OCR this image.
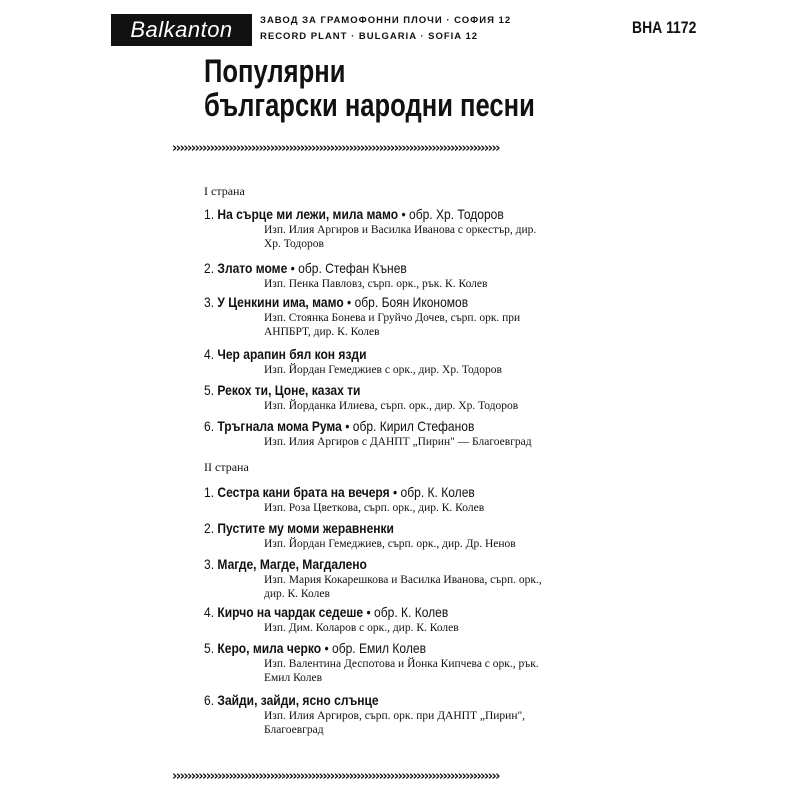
Balkanton	ЗАВОД ЗА ГРАМОФОННИ ПЛОЧИ · СОФИЯ 12
RECORD PLANT · BULGARIA · SOFIA 12	ВНА 1172
Популярни
български народни песни
›››››››››››››››››››››››››››››››››››››››››››››››››››››››››››››››››››››››››››››››››››››››
I страна
1. На сърце ми лежи, мила мамо • обр. Хр. Тодоров
Изп. Илия Аргиров и Василка Иванова с оркестър, дир.
Хр. Тодоров
2. Злато моме • обр. Стефан Кънев
Изп. Пенка Павловз, сърп. орк., рък. К. Колев
3. У Ценкини има, мамо • обр. Боян Икономов
Изп. Стоянка Бонева и Груйчо Дочев, сърп. орк. при
АНПБРТ, дир. К. Колев
4. Чер арапин бял кон язди
Изп. Йордан Гемеджиев с орк., дир. Хр. Тодоров
5. Рекох ти, Цоне, казах ти
Изп. Йорданка Илиева, сърп. орк., дир. Хр. Тодоров
6. Тръгнала мома Рума • обр. Кирил Стефанов
Изп. Илия Аргиров с ДАНПТ „Пирин" — Благоевград
II страна
1. Сестра кани брата на вечеря • обр. К. Колев
Изп. Роза Цветкова, сърп. орк., дир. К. Колев
2. Пустите му моми жеравненки
Изп. Йордан Гемеджиев, сърп. орк., дир. Др. Ненов
3. Магде, Магде, Магдалено
Изп. Мария Кокарешкова и Василка Иванова, сърп. орк.,
дир. К. Колев
4. Кирчо на чардак седеше • обр. К. Колев
Изп. Дим. Коларов с орк., дир. К. Колев
5. Керо, мила черко • обр. Емил Колев
Изп. Валентина Деспотова и Йонка Кипчева с орк., рък.
Емил Колев
6. Зайди, зайди, ясно слънце
Изп. Илия Аргиров, сърп. орк. при ДАНПТ „Пирин",
Благоевград
›››››››››››››››››››››››››››››››››››››››››››››››››››››››››››››››››››››››››››››››››››››››
